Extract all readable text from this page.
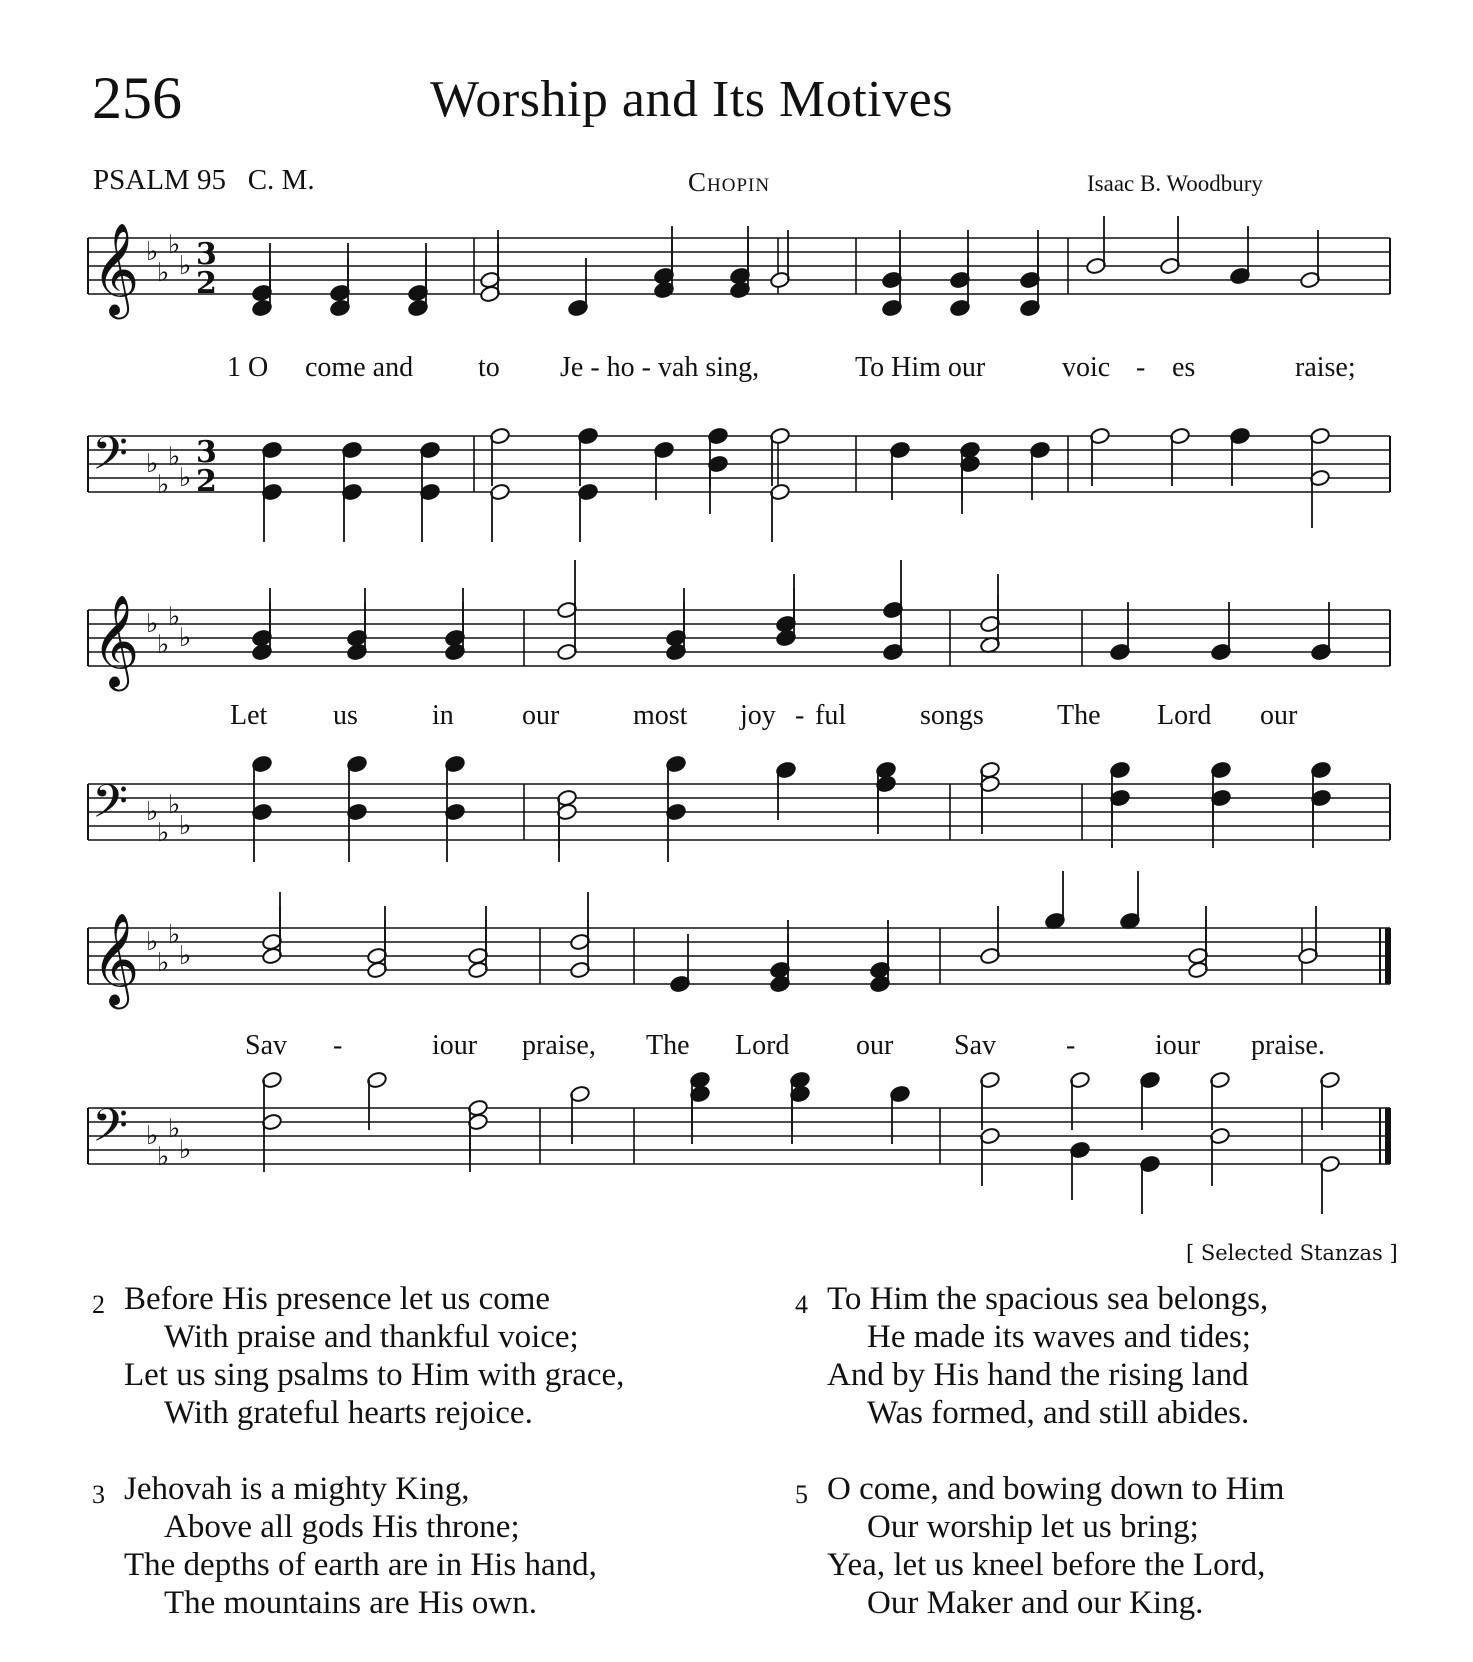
256	Worship and Its Motives
PSALM 95 C. M.	Chopin	Isaac B. Woodbury
𝄞 ♭
♭
♭
♭
𝄢 ♭
♭
♭
♭
3
2
3
2
𝄞 ♭
♭
♭
♭
𝄢 ♭
♭
♭
♭
𝄞 ♭
♭
♭
♭
𝄢 ♭
♭
♭
♭
1 O come and to Je - ho - vah sing,	To Him our	voic - es	raise;
Let us	in our	most joy - ful	songs	The Lord our
Sav -	iour praise, The Lord our Sav	-	iour praise.
[ Selected Stanzas ]
2 Before His presence let us come
With praise and thankful voice;
Let us sing psalms to Him with grace,
With grateful hearts rejoice.
3 Jehovah is a mighty King,
Above all gods His throne;
The depths of earth are in His hand,
The mountains are His own.
4 To Him the spacious sea belongs,
He made its waves and tides;
And by His hand the rising land
Was formed, and still abides.
5 O come, and bowing down to Him
Our worship let us bring;
Yea, let us kneel before the Lord,
Our Maker and our King.
